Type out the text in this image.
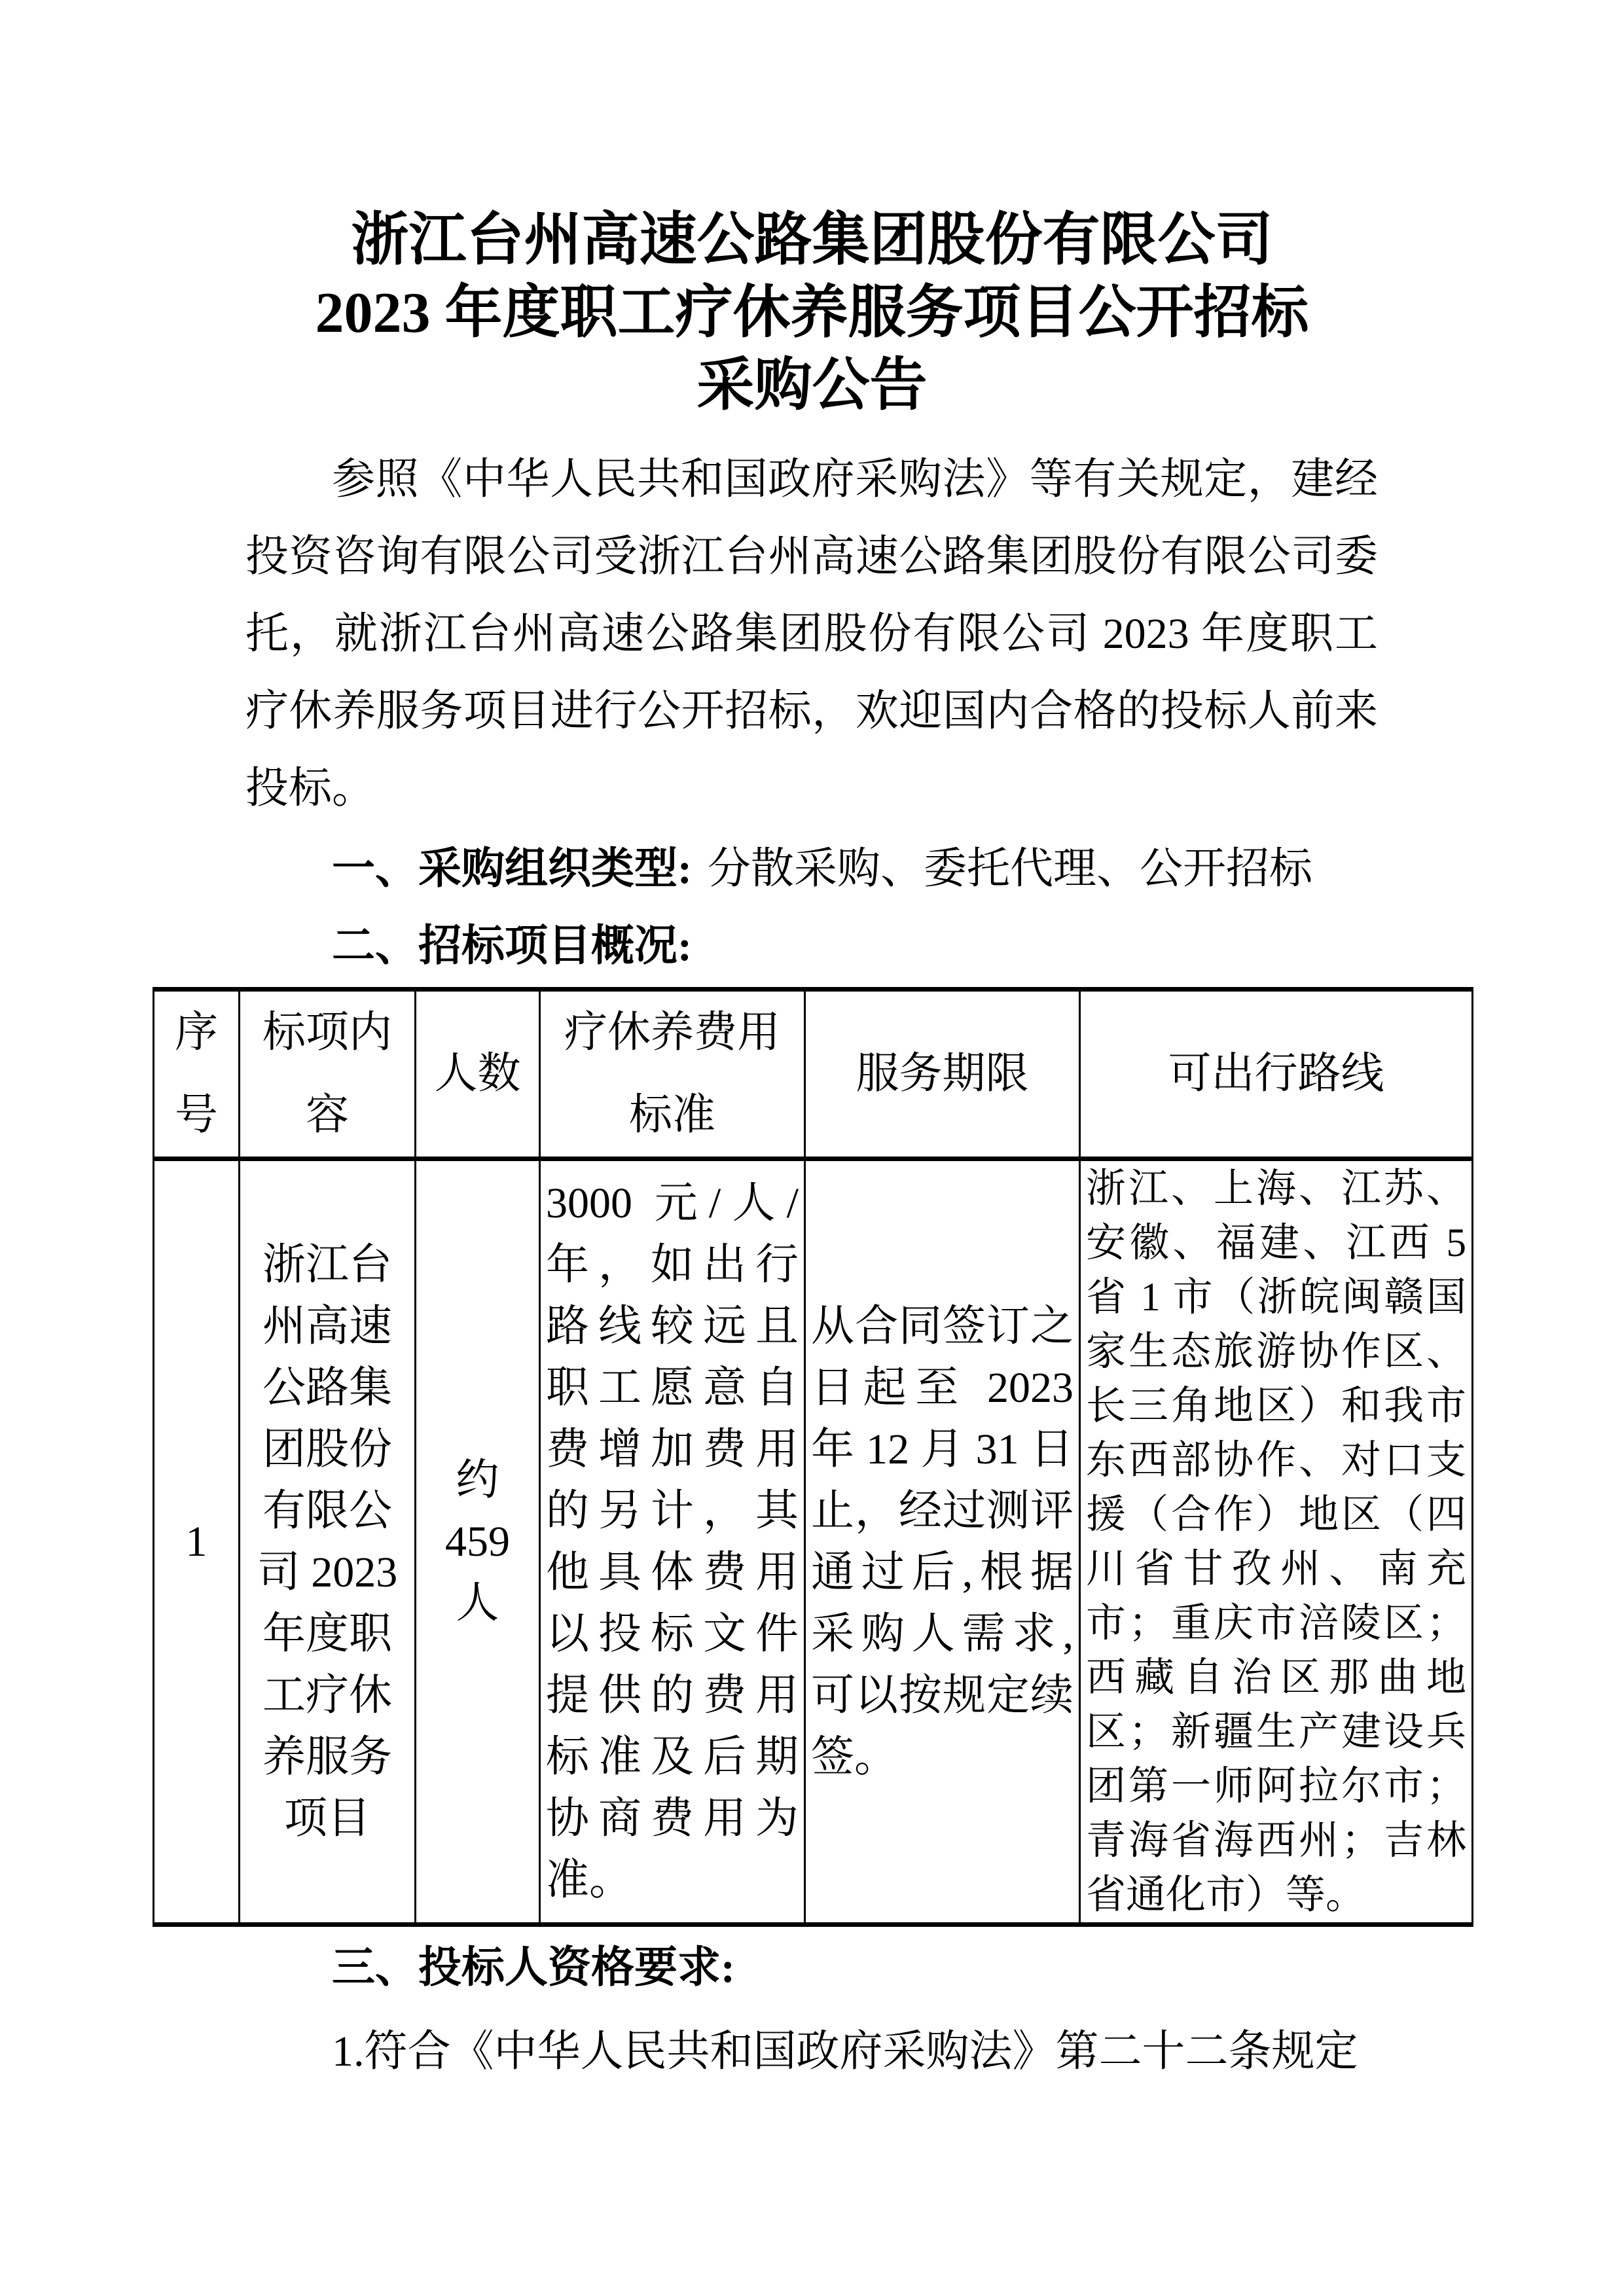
浙江台州高速公路集团股份有限公司
2023 年度职工疗休养服务项目公开招标
采购公告

参照《中华人民共和国政府采购法》等有关规定，建经投资咨询有限公司受浙江台州高速公路集团股份有限公司委托，就浙江台州高速公路集团股份有限公司 2023 年度职工疗休养服务项目进行公开招标，欢迎国内合格的投标人前来投标。

一、采购组织类型: 分散采购、委托代理、公开招标
二、招标项目概况:
序号	标项内容	人数	疗休养费用标准	服务期限	可出行路线
1	浙江台州高速公路集团股份有限公司 2023 年度职工疗休养服务项目	约 459 人	3000 元/人/年，如出行路线较远且职工愿意自费增加费用的另计，其他具体费用以投标文件提供的费用标准及后期协商费用为准。	从合同签订之日起至 2023 年 12 月 31 日止，经过测评通过后,根据采购人需求,可以按规定续签。	浙江、上海、江苏、安徽、福建、江西 5 省 1 市（浙皖闽赣国家生态旅游协作区、长三角地区）和我市东西部协作、对口支援（合作）地区（四川省甘孜州、南充市；重庆市涪陵区；西藏自治区那曲地区；新疆生产建设兵团第一师阿拉尔市；青海省海西州；吉林省通化市）等。
三、投标人资格要求:
1.符合《中华人民共和国政府采购法》第二十二条规定
